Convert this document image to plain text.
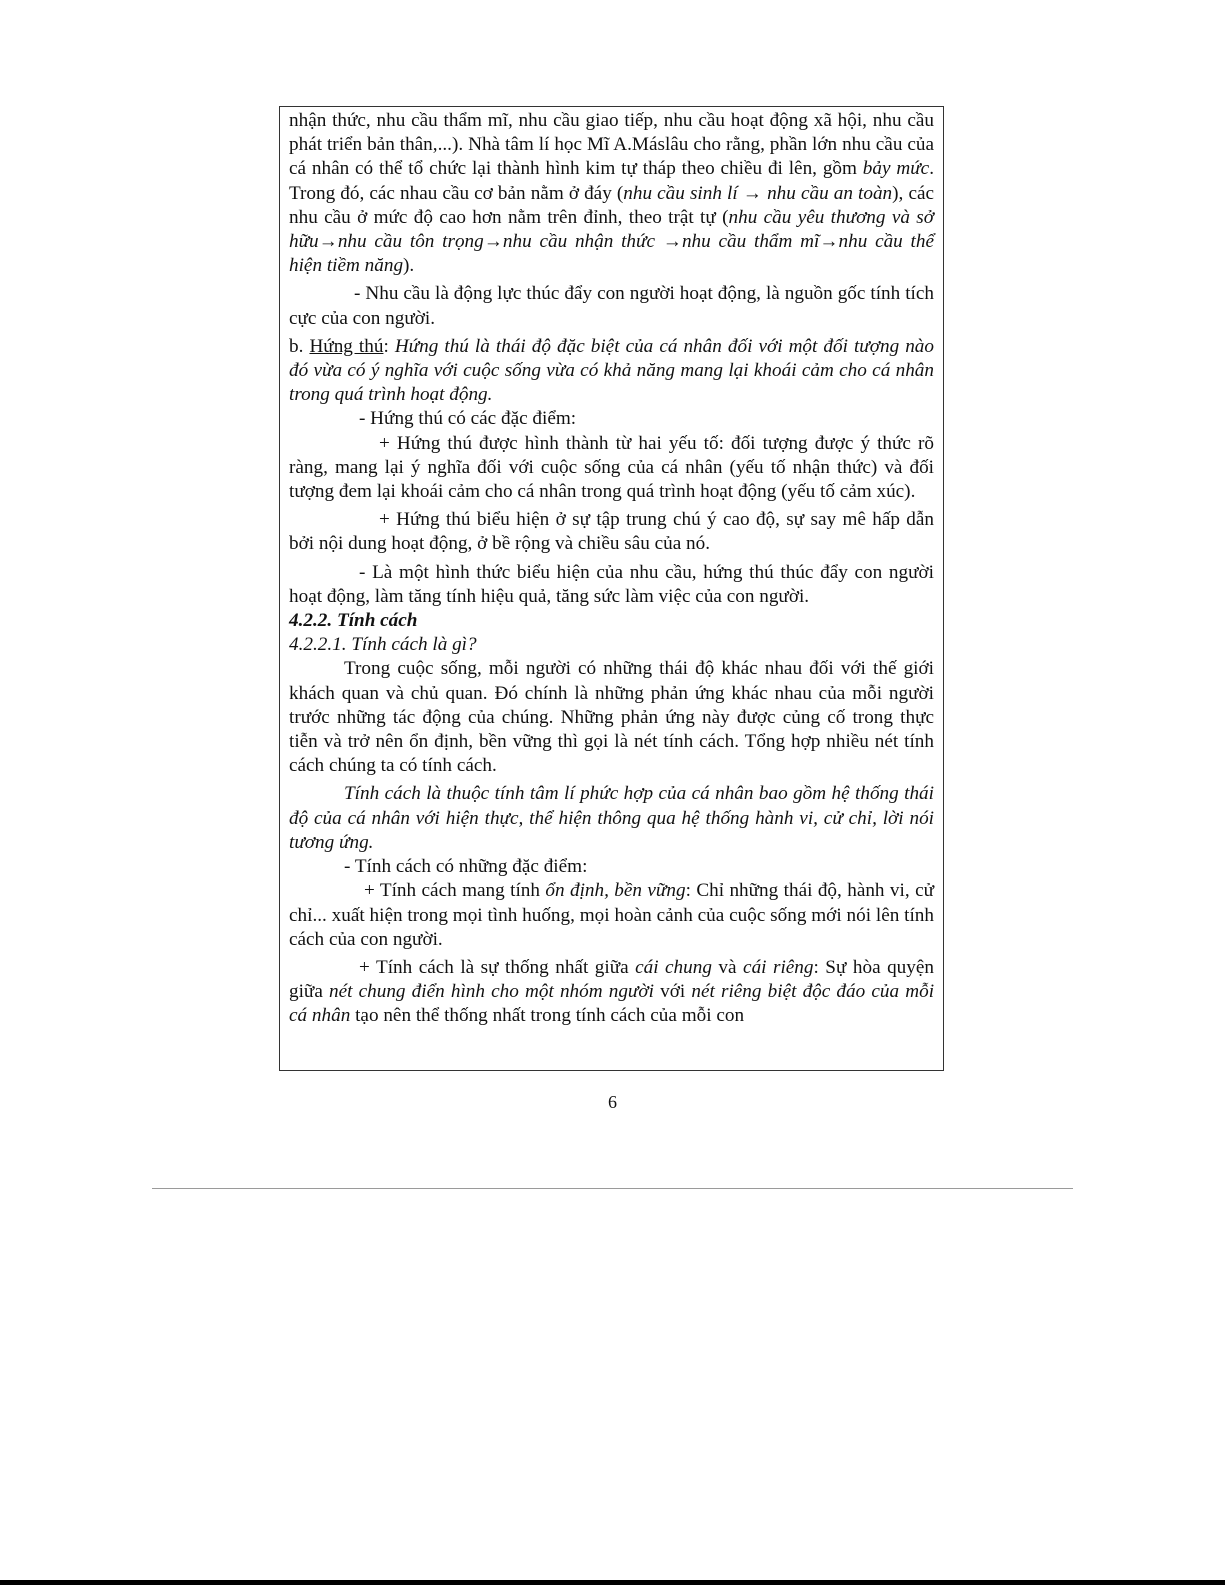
nhận thức, nhu cầu thẩm mĩ, nhu cầu giao tiếp, nhu cầu hoạt động xã hội, nhu cầu phát triển bản thân,...). Nhà tâm lí học Mĩ A.Máslâu cho rằng, phần lớn nhu cầu của cá nhân có thể tổ chức lại thành hình kim tự tháp theo chiều đi lên, gồm bảy mức. Trong đó, các nhau cầu cơ bản nằm ở đáy (nhu cầu sinh lí → nhu cầu an toàn), các nhu cầu ở mức độ cao hơn nằm trên đỉnh, theo trật tự (nhu cầu yêu thương và sở hữu→nhu cầu tôn trọng→nhu cầu nhận thức →nhu cầu thẩm mĩ→nhu cầu thể hiện tiềm năng).

- Nhu cầu là động lực thúc đẩy con người hoạt động, là nguồn gốc tính tích cực của con người.

b. Hứng thú: Hứng thú là thái độ đặc biệt của cá nhân đối với một đối tượng nào đó vừa có ý nghĩa với cuộc sống vừa có khả năng mang lại khoái cảm cho cá nhân trong quá trình hoạt động.

- Hứng thú có các đặc điểm:

+ Hứng thú được hình thành từ hai yếu tố: đối tượng được ý thức rõ ràng, mang lại ý nghĩa đối với cuộc sống của cá nhân (yếu tố nhận thức) và đối tượng đem lại khoái cảm cho cá nhân trong quá trình hoạt động (yếu tố cảm xúc).

+ Hứng thú biểu hiện ở sự tập trung chú ý cao độ, sự say mê hấp dẫn bởi nội dung hoạt động, ở bề rộng và chiều sâu của nó.

- Là một hình thức biểu hiện của nhu cầu, hứng thú thúc đẩy con người hoạt động, làm tăng tính hiệu quả, tăng sức làm việc của con người.

4.2.2. Tính cách

4.2.2.1. Tính cách là gì?

Trong cuộc sống, mỗi người có những thái độ khác nhau đối với thế giới khách quan và chủ quan. Đó chính là những phản ứng khác nhau của mỗi người trước những tác động của chúng. Những phản ứng này được củng cố trong thực tiễn và trở nên ổn định, bền vững thì gọi là nét tính cách. Tổng hợp nhiều nét tính cách chúng ta có tính cách.

Tính cách là thuộc tính tâm lí phức hợp của cá nhân bao gồm hệ thống thái độ của cá nhân với hiện thực, thể hiện thông qua hệ thống hành vi, cử chỉ, lời nói tương ứng.

- Tính cách có những đặc điểm:

+ Tính cách mang tính ổn định, bền vững: Chỉ những thái độ, hành vi, cử chỉ... xuất hiện trong mọi tình huống, mọi hoàn cảnh của cuộc sống mới nói lên tính cách của con người.

+ Tính cách là sự thống nhất giữa cái chung và cái riêng: Sự hòa quyện giữa nét chung điển hình cho một nhóm người với nét riêng biệt độc đáo của mỗi cá nhân tạo nên thể thống nhất trong tính cách của mỗi con

6
